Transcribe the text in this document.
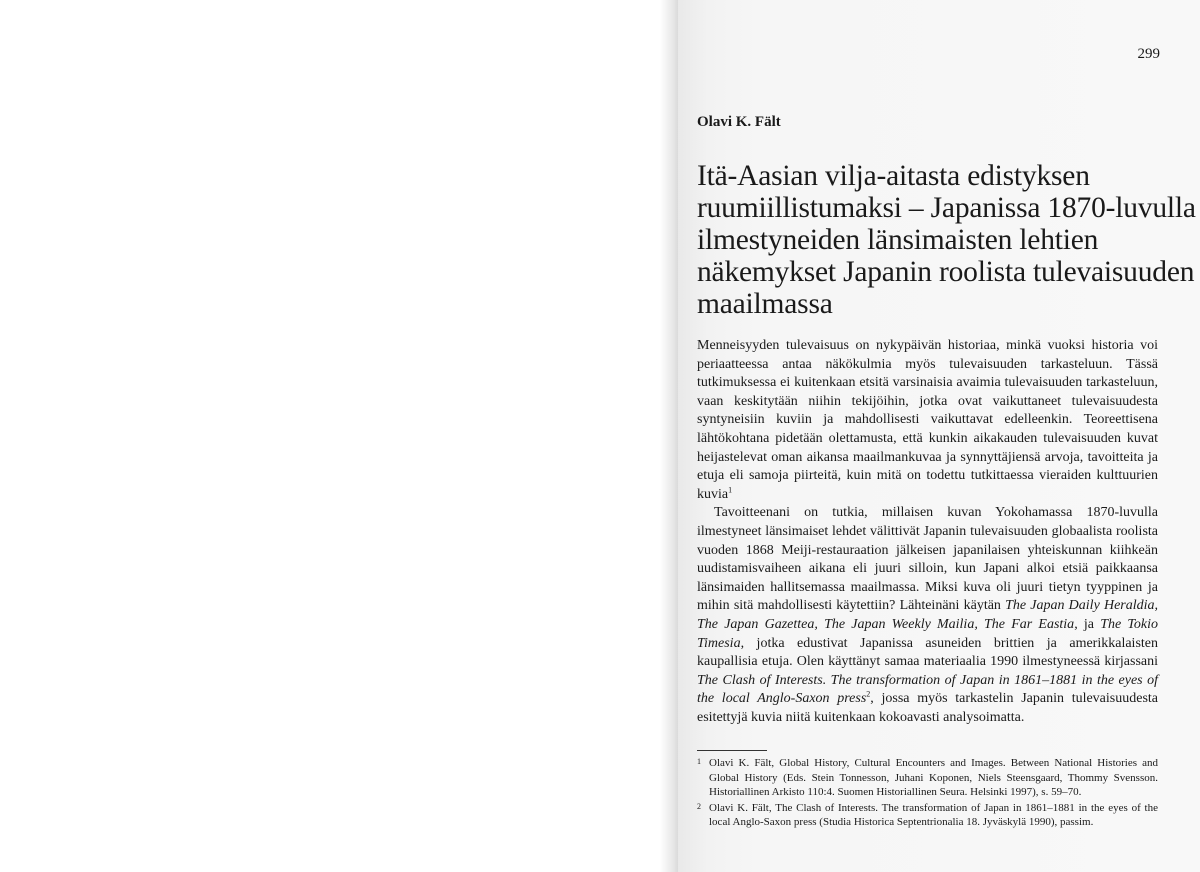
299
Olavi K. Fält
Itä-Aasian vilja-aitasta edistyksen ruumiillistumaksi – Japanissa 1870-luvulla ilmestyneiden länsimaisten lehtien näkemykset Japanin roolista tulevaisuuden maailmassa

Menneisyyden tulevaisuus on nykypäivän historiaa, minkä vuoksi historia voi periaatteessa antaa näkökulmia myös tulevaisuuden tarkasteluun. Tässä tutkimuksessa ei kuitenkaan etsitä varsinaisia avaimia tulevaisuuden tarkasteluun, vaan keskitytään niihin tekijöihin, jotka ovat vaikuttaneet tulevaisuudesta syntyneisiin kuviin ja mahdollisesti vaikuttavat edelleenkin. Teoreettisena lähtökohtana pidetään olettamusta, että kunkin aikakauden tulevaisuuden kuvat heijastelevat oman aikansa maailmankuvaa ja synnyttäjiensä arvoja, tavoitteita ja etuja eli samoja piirteitä, kuin mitä on todettu tutkittaessa vieraiden kulttuurien kuvia$^1$

Tavoitteenani on tutkia, millaisen kuvan Yokohamassa 1870-luvulla ilmestyneet länsimaiset lehdet välittivät Japanin tulevaisuuden globaalista roolista vuoden 1868 Meiji-restauraation jälkeisen japanilaisen yhteiskunnan kiihkeän uudistamisvaiheen aikana eli juuri silloin, kun Japani alkoi etsiä paikkaansa länsimaiden hallitsemassa maailmassa. Miksi kuva oli juuri tietyn tyyppinen ja mihin sitä mahdollisesti käytettiin? Lähteinäni käytän The Japan Daily Heraldia, The Japan Gazettea, The Japan Weekly Mailia, The Far Eastia, ja The Tokio Timesia, jotka edustivat Japanissa asuneiden brittien ja amerikkalaisten kaupallisia etuja. Olen käyttänyt samaa materiaalia 1990 ilmestyneessä kirjassani The Clash of Interests. The transformation of Japan in 1861–1881 in the eyes of the local Anglo-Saxon press$^2$, jossa myös tarkastelin Japanin tulevaisuudesta esitettyjä kuvia niitä kuitenkaan kokoavasti analysoimatta.

1 Olavi K. Fält, Global History, Cultural Encounters and Images. Between National Histories and Global History (Eds. Stein Tonnesson, Juhani Koponen, Niels Steensgaard, Thommy Svensson. Historiallinen Arkisto 110:4. Suomen Historiallinen Seura. Helsinki 1997), s. 59–70.
2 Olavi K. Fält, The Clash of Interests. The transformation of Japan in 1861–1881 in the eyes of the local Anglo-Saxon press (Studia Historica Septentrionalia 18. Jyväskylä 1990), passim.
